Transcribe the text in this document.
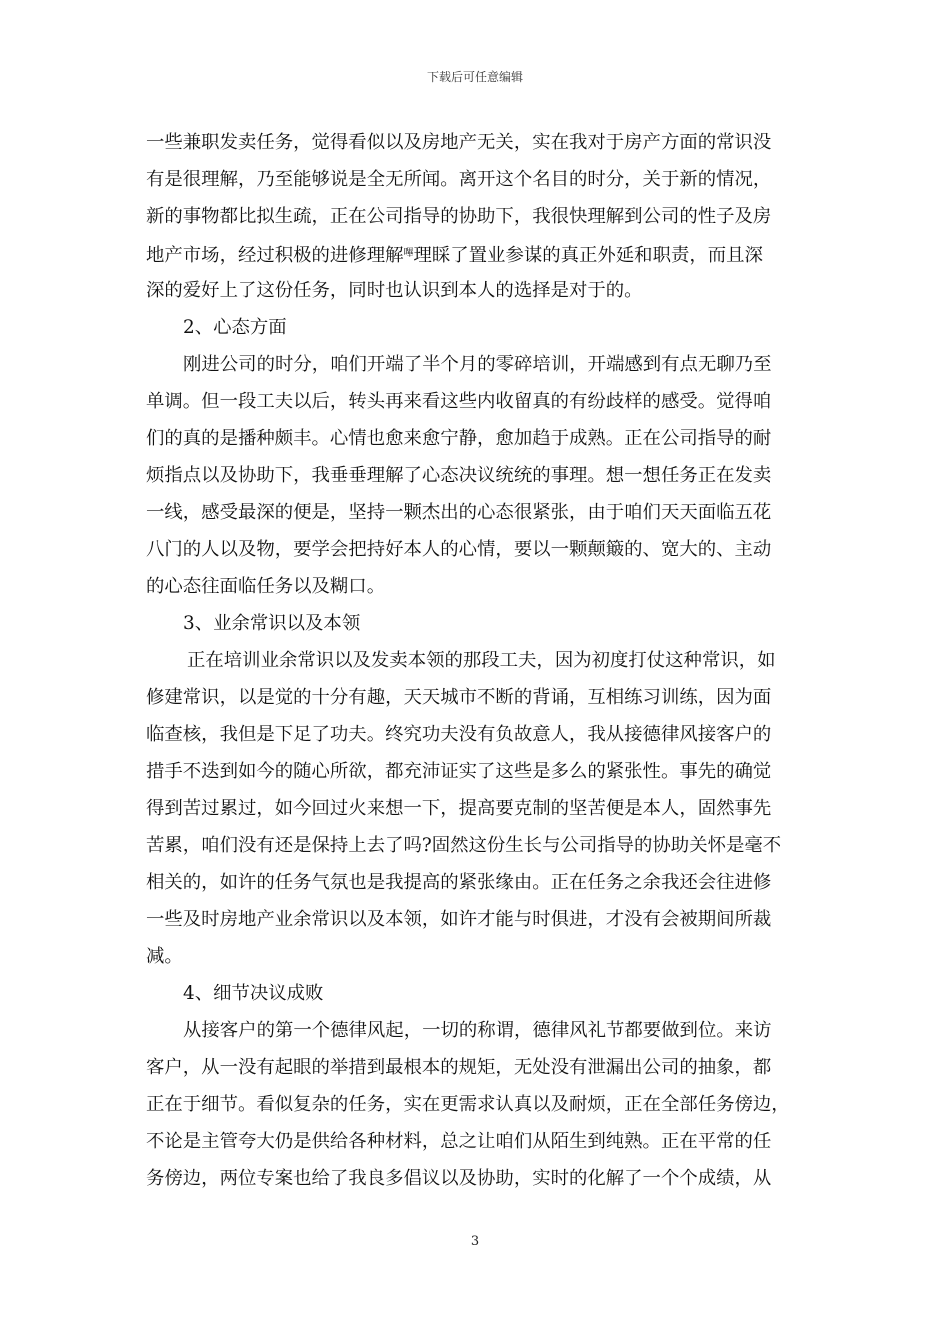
下载后可任意编辑
一些兼职发卖任务，觉得看似以及房地产无关，实在我对于房产方面的常识没
有是很理解，乃至能够说是全无所闻。离开这个名目的时分，关于新的情况，
新的事物都比拟生疏，正在公司指导的协助下，我很快理解到公司的性子及房
地产市场，经过积极的进修理解$^嗶$理睬了置业参谋的真正外延和职责，而且深
深的爱好上了这份任务，同时也认识到本人的选择是对于的。
2、心态方面
刚进公司的时分，咱们开端了半个月的零碎培训，开端感到有点无聊乃至
单调。但一段工夫以后，转头再来看这些内收留真的有纷歧样的感受。觉得咱
们的真的是播种颇丰。心情也愈来愈宁静，愈加趋于成熟。正在公司指导的耐
烦指点以及协助下，我垂垂理解了心态决议统统的事理。想一想任务正在发卖
一线，感受最深的便是，坚持一颗杰出的心态很紧张，由于咱们天天面临五花
八门的人以及物，要学会把持好本人的心情，要以一颗颠簸的、宽大的、主动
的心态往面临任务以及糊口。
3、业余常识以及本领
正在培训业余常识以及发卖本领的那段工夫，因为初度打仗这种常识，如
修建常识，以是觉的十分有趣，天天城市不断的背诵，互相练习训练，因为面
临查核，我但是下足了功夫。终究功夫没有负故意人，我从接德律风接客户的
措手不迭到如今的随心所欲，都充沛证实了这些是多么的紧张性。事先的确觉
得到苦过累过，如今回过火来想一下，提高要克制的坚苦便是本人，固然事先
苦累，咱们没有还是保持上去了吗?固然这份生长与公司指导的协助关怀是毫不
相关的，如许的任务气氛也是我提高的紧张缘由。正在任务之余我还会往进修
一些及时房地产业余常识以及本领，如许才能与时俱进，才没有会被期间所裁
减。
4、细节决议成败
从接客户的第一个德律风起，一切的称谓，德律风礼节都要做到位。来访
客户，从一没有起眼的举措到最根本的规矩，无处没有泄漏出公司的抽象，都
正在于细节。看似复杂的任务，实在更需求认真以及耐烦，正在全部任务傍边，
不论是主管夸大仍是供给各种材料，总之让咱们从陌生到纯熟。正在平常的任
务傍边，两位专案也给了我良多倡议以及协助，实时的化解了一个个成绩，从
3
